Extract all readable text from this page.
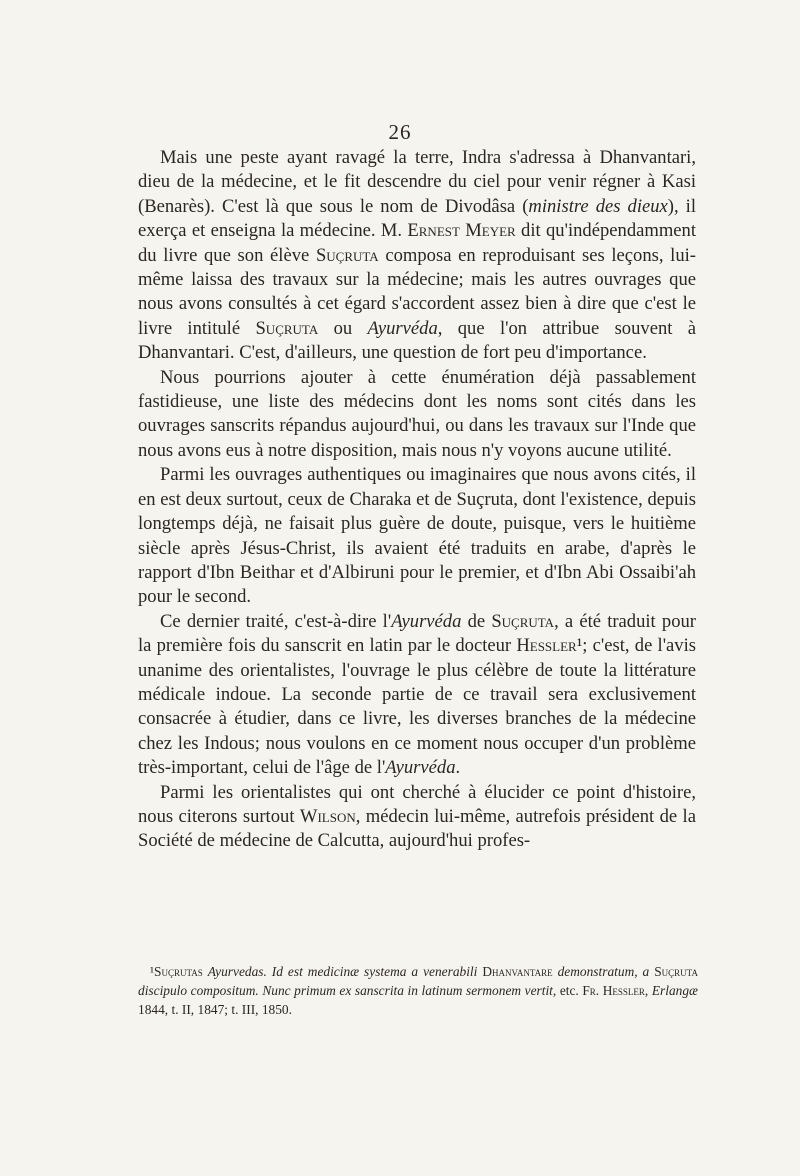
26

Mais une peste ayant ravagé la terre, Indra s'adressa à Dhanvantari, dieu de la médecine, et le fit descendre du ciel pour venir régner à Kasi (Benarès). C'est là que sous le nom de Divodâsa (ministre des dieux), il exerça et enseigna la médecine. M. Ernest Meyer dit qu'indépendamment du livre que son élève Suçruta composa en reproduisant ses leçons, lui-même laissa des travaux sur la médecine; mais les autres ouvrages que nous avons consultés à cet égard s'accordent assez bien à dire que c'est le livre intitulé Suçruta ou Ayurvéda, que l'on attribue souvent à Dhanvantari. C'est, d'ailleurs, une question de fort peu d'importance.

Nous pourrions ajouter à cette énumération déjà passablement fastidieuse, une liste des médecins dont les noms sont cités dans les ouvrages sanscrits répandus aujourd'hui, ou dans les travaux sur l'Inde que nous avons eus à notre disposition, mais nous n'y voyons aucune utilité.

Parmi les ouvrages authentiques ou imaginaires que nous avons cités, il en est deux surtout, ceux de Charaka et de Suçruta, dont l'existence, depuis longtemps déjà, ne faisait plus guère de doute, puisque, vers le huitième siècle après Jésus-Christ, ils avaient été traduits en arabe, d'après le rapport d'Ibn Beithar et d'Albiruni pour le premier, et d'Ibn Abi Ossaibi'ah pour le second.

Ce dernier traité, c'est-à-dire l'Ayurvéda de Suçruta, a été traduit pour la première fois du sanscrit en latin par le docteur Hessler¹; c'est, de l'avis unanime des orientalistes, l'ouvrage le plus célèbre de toute la littérature médicale indoue. La seconde partie de ce travail sera exclusivement consacrée à étudier, dans ce livre, les diverses branches de la médecine chez les Indous; nous voulons en ce moment nous occuper d'un problème très-important, celui de l'âge de l'Ayurvéda.

Parmi les orientalistes qui ont cherché à élucider ce point d'histoire, nous citerons surtout Wilson, médecin lui-même, autrefois président de la Société de médecine de Calcutta, aujourd'hui profes-

¹Suçrutas Ayurvedas. Id est medicinæ systema a venerabili Dhanvantare demonstratum, a Suçruta discipulo compositum. Nunc primum ex sanscrita in latinum sermonem vertit, etc. Fr. Hessler, Erlangæ 1844, t. II, 1847; t. III, 1850.
